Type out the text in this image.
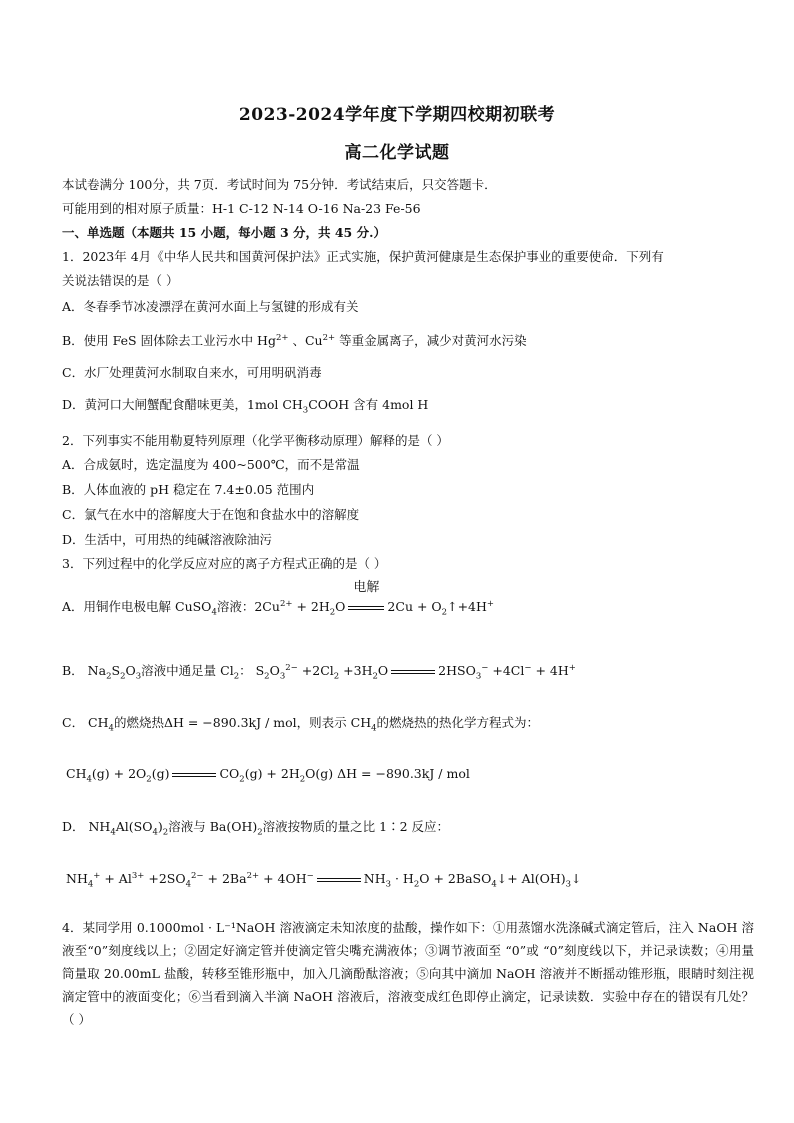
2023-2024学年度下学期四校期初联考
高二化学试题
本试卷满分 100分，共 7页．考试时间为 75分钟．考试结束后，只交答题卡．
可能用到的相对原子质量：H-1 C-12 N-14 O-16 Na-23 Fe-56
一、单选题（本题共 15 小题，每小题 3 分，共 45 分.）
1．2023年 4月《中华人民共和国黄河保护法》正式实施，保护黄河健康是生态保护事业的重要使命．下列有
关说法错误的是（ ）
A．冬春季节冰凌漂浮在黄河水面上与氢键的形成有关
B．使用 FeS 固体除去工业污水中 $Hg^{2+}$ 、$Cu^{2+}$ 等重金属离子，减少对黄河水污染
C．水厂处理黄河水制取自来水，可用明矾消毒
D．黄河口大闸蟹配食醋味更美，1mol $CH_3COOH$ 含有 4mol H
2．下列事实不能用勒夏特列原理（化学平衡移动原理）解释的是（ ）
A．合成氨时，选定温度为 400~500℃，而不是常温
B．人体血液的 pH 稳定在 7.4±0.05 范围内
C．氯气在水中的溶解度大于在饱和食盐水中的溶解度
D．生活中，可用热的纯碱溶液除油污
3．下列过程中的化学反应对应的离子方程式正确的是（ ）
A．用铜作电极电解 CuSO$_4$溶液：$2Cu^{2+} + 2H_2O$
电解
$2Cu + O_2↑+4H^+$
B． $Na_2S_2O_3$溶液中通足量 $Cl_2$： $S_2O_3^{2-} +2Cl_2 +3H_2O$	$2HSO_3^- +4Cl^- + 4H^+$
C． $CH_4$的燃烧热ΔH = −890.3kJ / mol，则表示 $CH_4$的燃烧热的热化学方程式为：
$CH_4(g) + 2O_2(g)$	$CO_2(g) + 2H_2O(g) \Delta H = -890.3kJ$ / mol
D． $NH_4Al(SO_4)_2$溶液与 $Ba(OH)_2$溶液按物质的量之比 1∶2 反应：
$NH_4^+ + Al^{3+} +2SO_4^{2-} + 2Ba^{2+} + 4OH^-$	$NH_3 \cdot H_2O$ + 2BaSO$_4$↓+ $Al(OH)_3↓$
4．某同学用 0.1000mol · L⁻¹NaOH 溶液滴定未知浓度的盐酸，操作如下：①用蒸馏水洗涤碱式滴定管后，注入 NaOH 溶液至“0”刻度线以上；②固定好滴定管并使滴定管尖嘴充满液体；③调节液面至 “0”或 “0”刻度线以下，并记录读数；④用量筒量取 20.00mL 盐酸，转移至锥形瓶中，加入几滴酚酞溶液；⑤向其中滴加 NaOH 溶液并不断摇动锥形瓶，眼睛时刻注视滴定管中的液面变化；⑥当看到滴入半滴 NaOH 溶液后，溶液变成红色即停止滴定，记录读数．实验中存在的错误有几处？（ ）
